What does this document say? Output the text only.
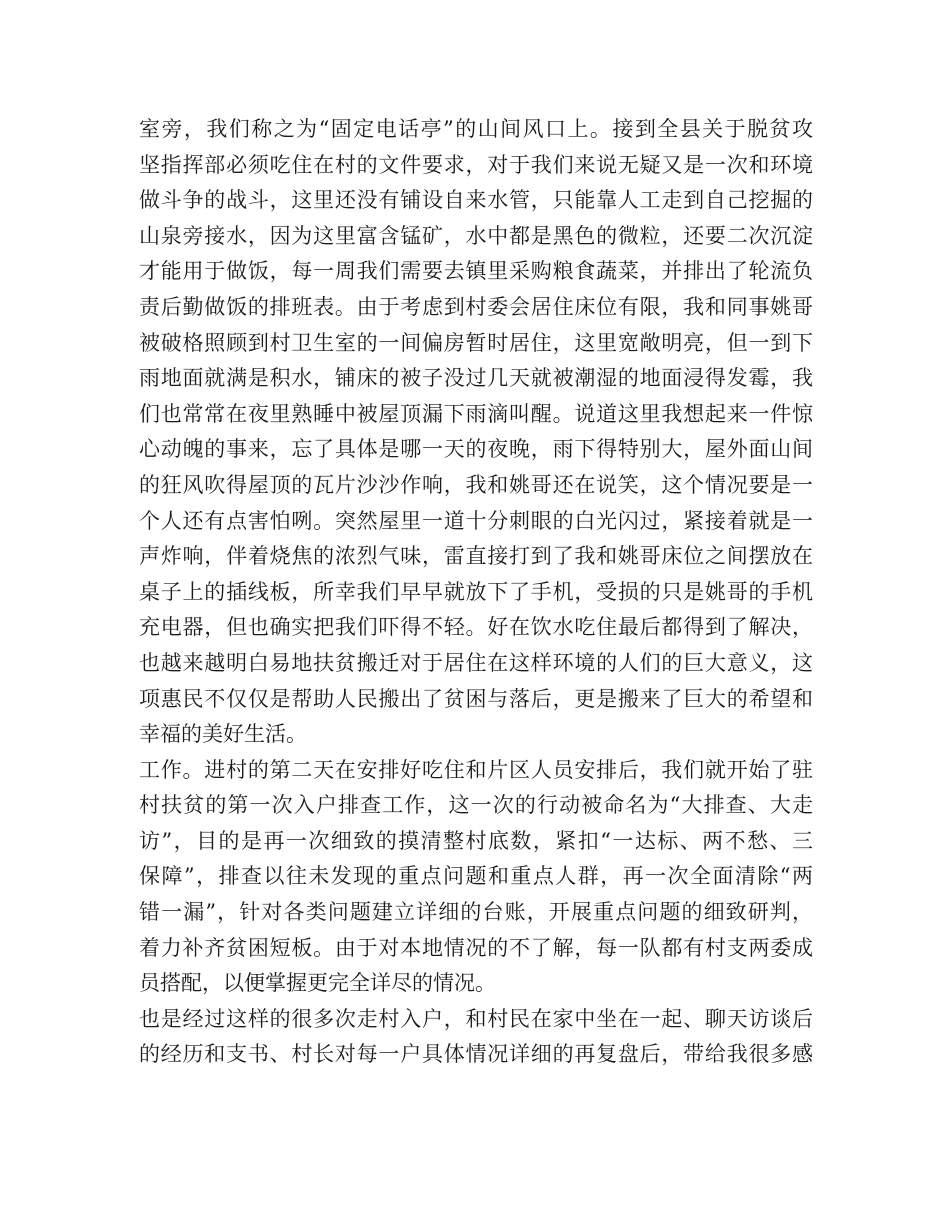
室旁，我们称之为“固定电话亭”的山间风口上。接到全县关于脱贫攻
坚指挥部必须吃住在村的文件要求，对于我们来说无疑又是一次和环境
做斗争的战斗，这里还没有铺设自来水管，只能靠人工走到自己挖掘的
山泉旁接水，因为这里富含锰矿，水中都是黑色的微粒，还要二次沉淀
才能用于做饭，每一周我们需要去镇里采购粮食蔬菜，并排出了轮流负
责后勤做饭的排班表。由于考虑到村委会居住床位有限，我和同事姚哥
被破格照顾到村卫生室的一间偏房暂时居住，这里宽敞明亮，但一到下
雨地面就满是积水，铺床的被子没过几天就被潮湿的地面浸得发霉，我
们也常常在夜里熟睡中被屋顶漏下雨滴叫醒。说道这里我想起来一件惊
心动魄的事来，忘了具体是哪一天的夜晚，雨下得特别大，屋外面山间
的狂风吹得屋顶的瓦片沙沙作响，我和姚哥还在说笑，这个情况要是一
个人还有点害怕咧。突然屋里一道十分刺眼的白光闪过，紧接着就是一
声炸响，伴着烧焦的浓烈气味，雷直接打到了我和姚哥床位之间摆放在
桌子上的插线板，所幸我们早早就放下了手机，受损的只是姚哥的手机
充电器，但也确实把我们吓得不轻。好在饮水吃住最后都得到了解决，
也越来越明白易地扶贫搬迁对于居住在这样环境的人们的巨大意义，这
项惠民不仅仅是帮助人民搬出了贫困与落后，更是搬来了巨大的希望和
幸福的美好生活。
工作。进村的第二天在安排好吃住和片区人员安排后，我们就开始了驻
村扶贫的第一次入户排查工作，这一次的行动被命名为“大排查、大走
访”，目的是再一次细致的摸清整村底数，紧扣“一达标、两不愁、三
保障”，排查以往未发现的重点问题和重点人群，再一次全面清除“两
错一漏”，针对各类问题建立详细的台账，开展重点问题的细致研判，
着力补齐贫困短板。由于对本地情况的不了解，每一队都有村支两委成
员搭配，以便掌握更完全详尽的情况。
也是经过这样的很多次走村入户，和村民在家中坐在一起、聊天访谈后
的经历和支书、村长对每一户具体情况详细的再复盘后，带给我很多感
